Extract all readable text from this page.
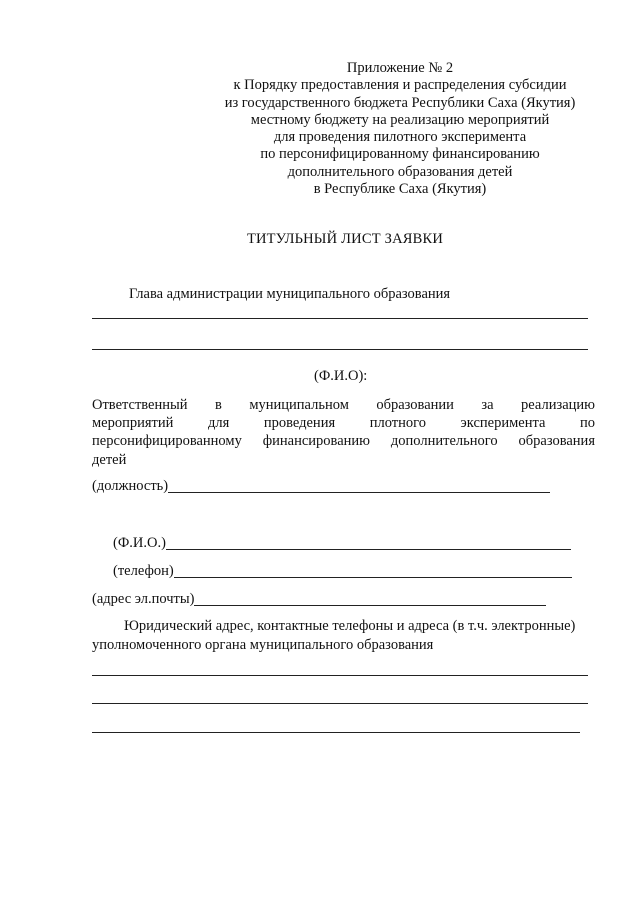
Приложение № 2
к Порядку предоставления и распределения субсидии
из государственного бюджета Республики Саха (Якутия)
местному бюджету на реализацию мероприятий
для проведения пилотного эксперимента
по персонифицированному финансированию
дополнительного образования детей
в Республике Саха (Якутия)
ТИТУЛЬНЫЙ ЛИСТ ЗАЯВКИ
Глава администрации муниципального образования
(Ф.И.О):
Ответственный в муниципальном образовании за реализацию
мероприятий для проведения плотного эксперимента по
персонифицированному финансированию дополнительного образования
детей
(должность)
(Ф.И.О.)
(телефон)
(адрес эл.почты)
Юридический адрес, контактные телефоны и адреса (в т.ч. электронные)
уполномоченного органа муниципального образования
